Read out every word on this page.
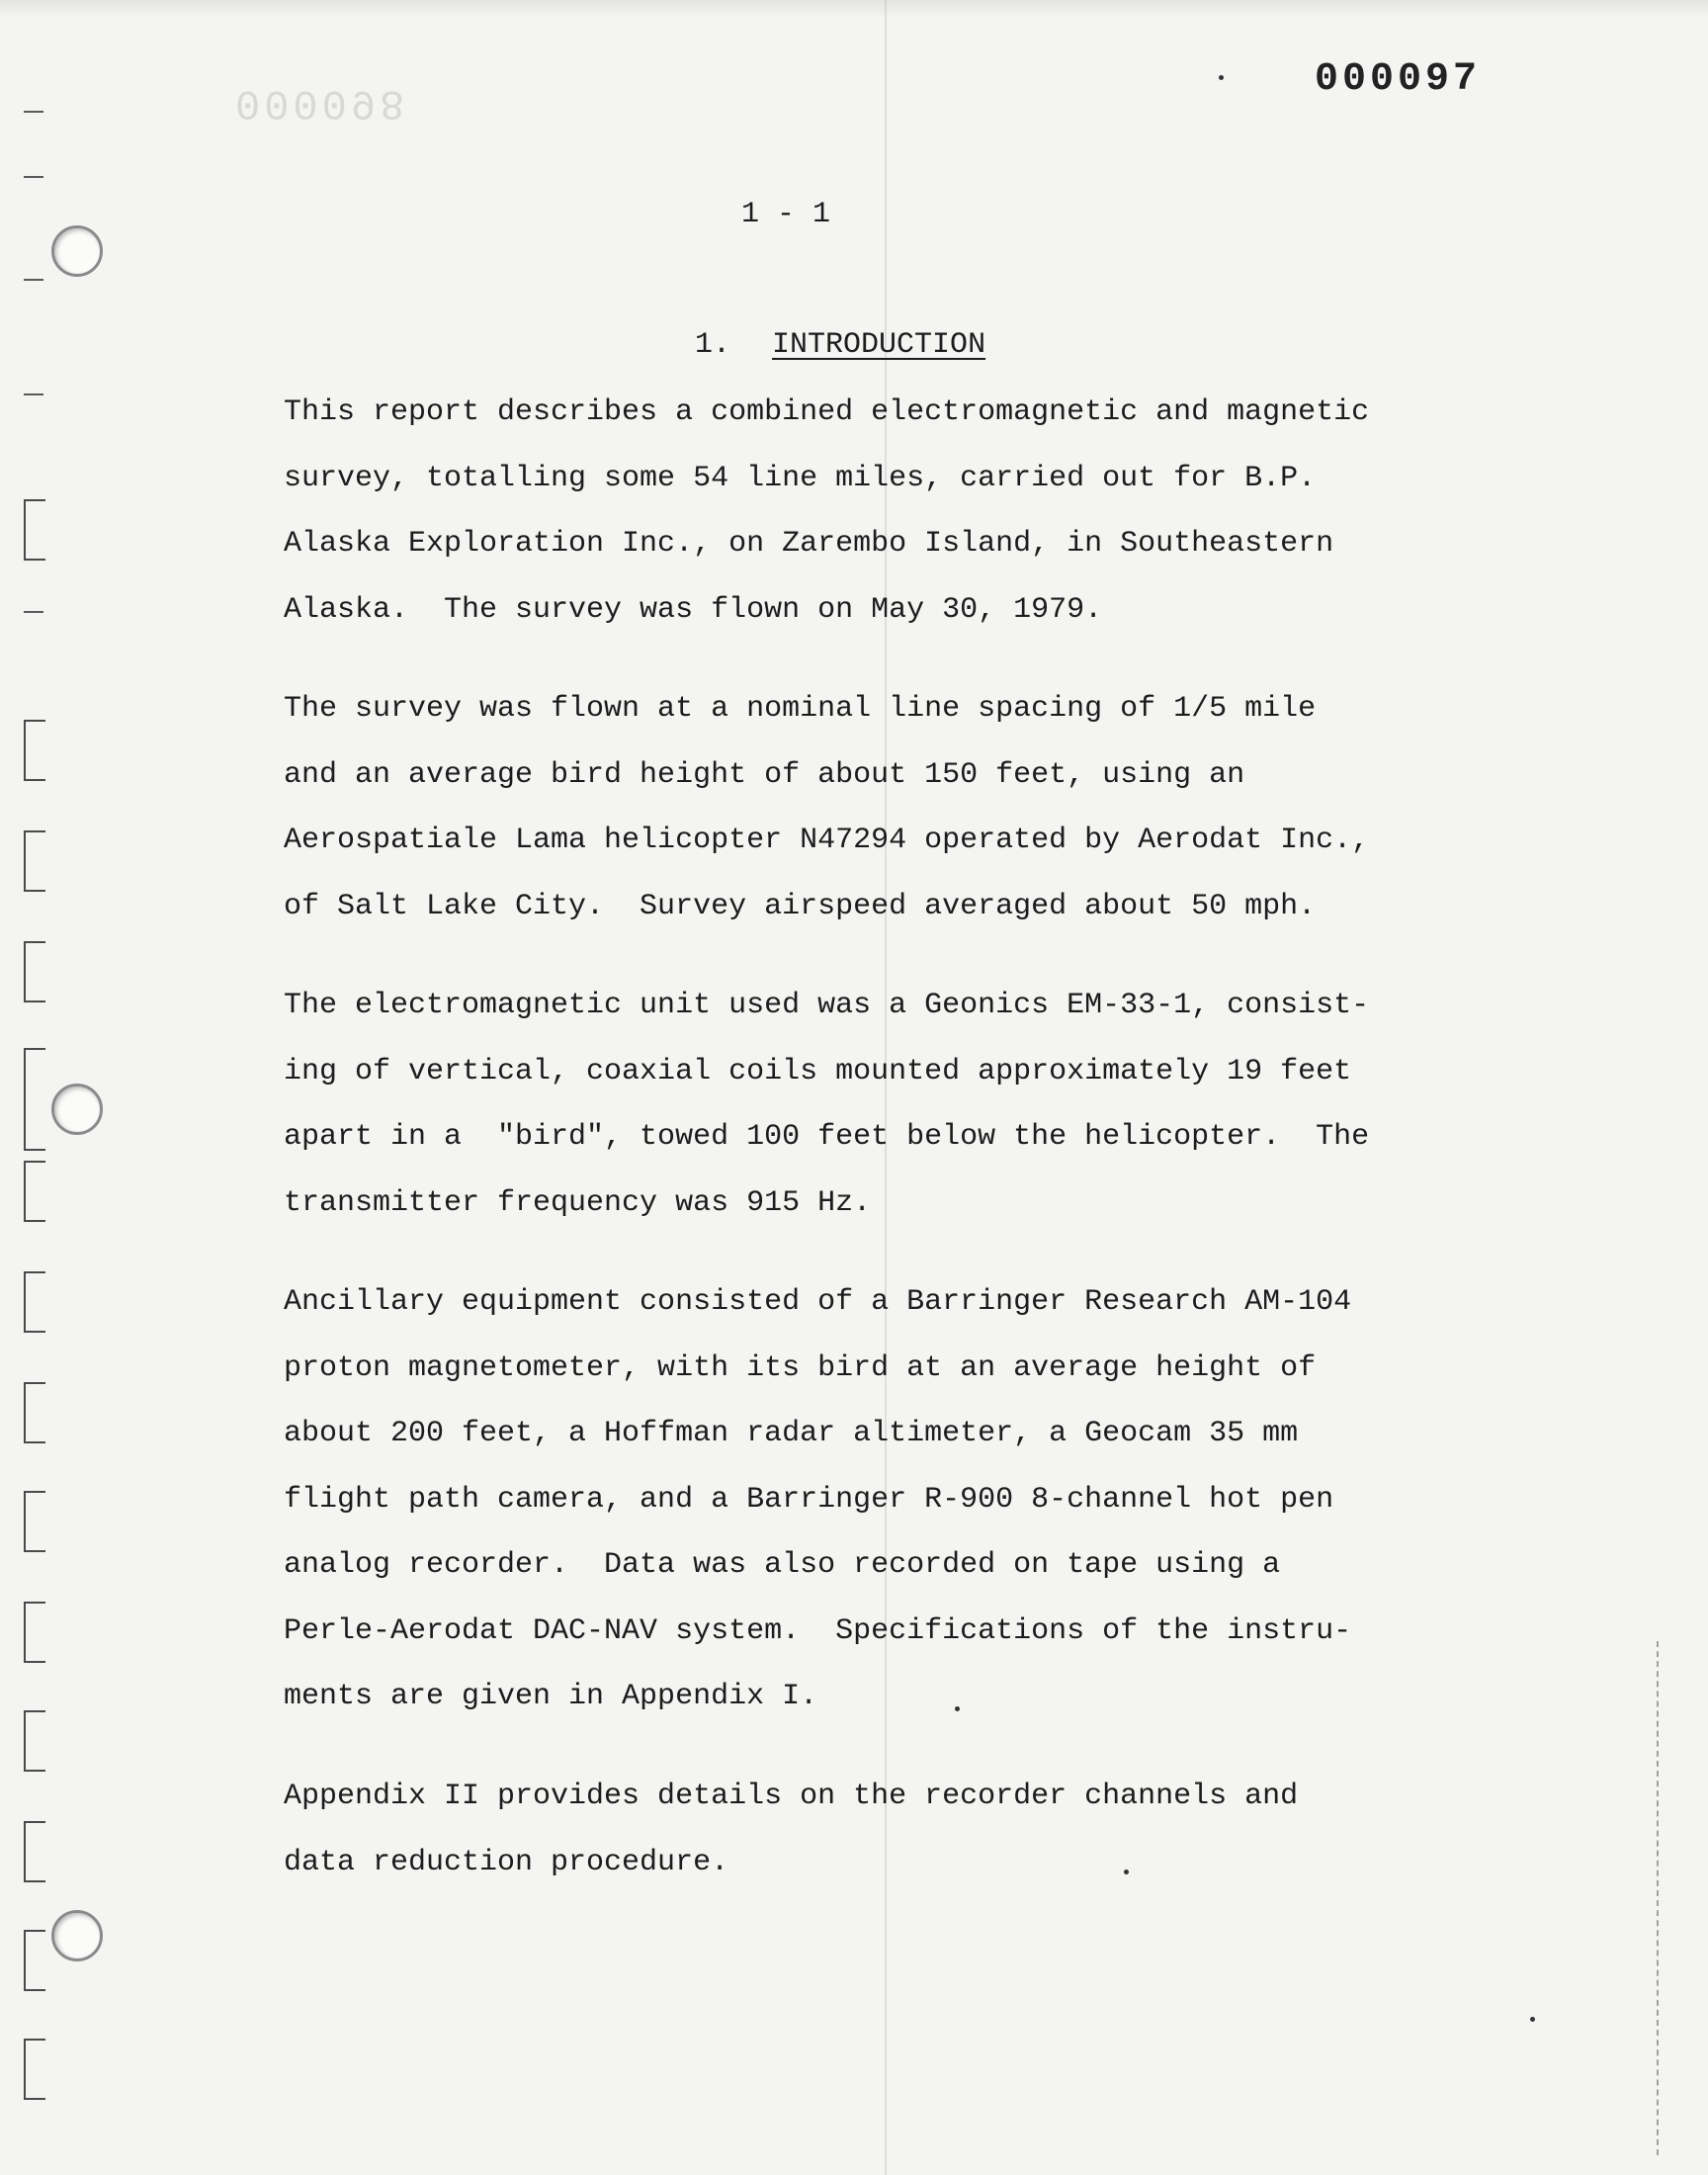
000097
000098
1 - 1

1. INTRODUCTION

This report describes a combined electromagnetic and magnetic
survey, totalling some 54 line miles, carried out for B.P.
Alaska Exploration Inc., on Zarembo Island, in Southeastern
Alaska.  The survey was flown on May 30, 1979.

The survey was flown at a nominal line spacing of 1/5 mile
and an average bird height of about 150 feet, using an
Aerospatiale Lama helicopter N47294 operated by Aerodat Inc.,
of Salt Lake City.  Survey airspeed averaged about 50 mph.

The electromagnetic unit used was a Geonics EM-33-1, consist-
ing of vertical, coaxial coils mounted approximately 19 feet
apart in a  "bird", towed 100 feet below the helicopter.  The
transmitter frequency was 915 Hz.

Ancillary equipment consisted of a Barringer Research AM-104
proton magnetometer, with its bird at an average height of
about 200 feet, a Hoffman radar altimeter, a Geocam 35 mm
flight path camera, and a Barringer R-900 8-channel hot pen
analog recorder.  Data was also recorded on tape using a
Perle-Aerodat DAC-NAV system.  Specifications of the instru-
ments are given in Appendix I.

Appendix II provides details on the recorder channels and
data reduction procedure.
